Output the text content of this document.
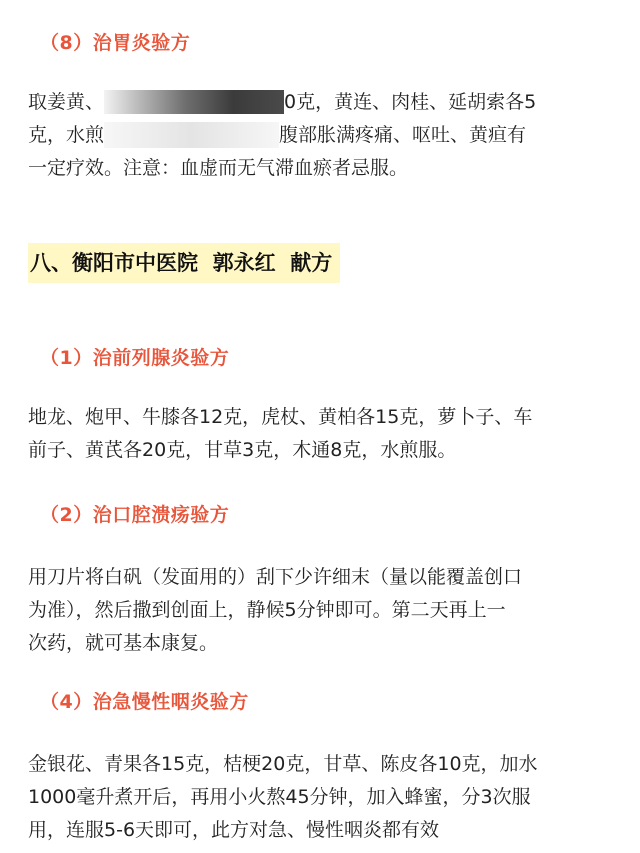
（8）治胃炎验方
取姜黄、	0克，黄连、肉桂、延胡索各5
克，水煎	腹部胀满疼痛、呕吐、黄疸有
一定疗效。注意：血虚而无气滞血瘀者忌服。
八、衡阳市中医院  郭永红  献方
（1）治前列腺炎验方
地龙、炮甲、牛膝各12克，虎杖、黄柏各15克，萝卜子、车
前子、黄芪各20克，甘草3克，木通8克，水煎服。
（2）治口腔溃疡验方
用刀片将白矾（发面用的）刮下少许细末（量以能覆盖创口
为准），然后撒到创面上，静候5分钟即可。第二天再上一
次药，就可基本康复。
（4）治急慢性咽炎验方
金银花、青果各15克，桔梗20克，甘草、陈皮各10克，加水
1000毫升煮开后，再用小火熬45分钟，加入蜂蜜，分3次服
用，连服5-6天即可，此方对急、慢性咽炎都有效
